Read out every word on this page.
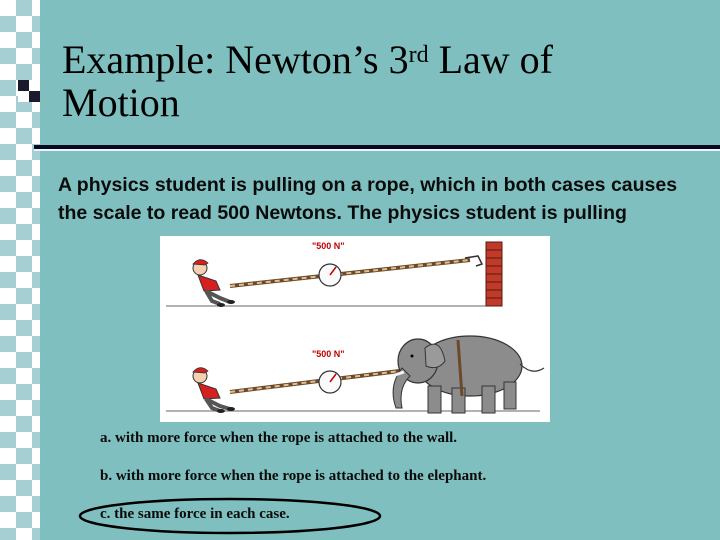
Example: Newton’s 3rd Law of Motion
A physics student is pulling on a rope, which in both cases causes the scale to read 500 Newtons. The physics student is pulling
"500 N"
"500 N"
a. with more force when the rope is attached to the wall.
b. with more force when the rope is attached to the elephant.
c. the same force in each case.
